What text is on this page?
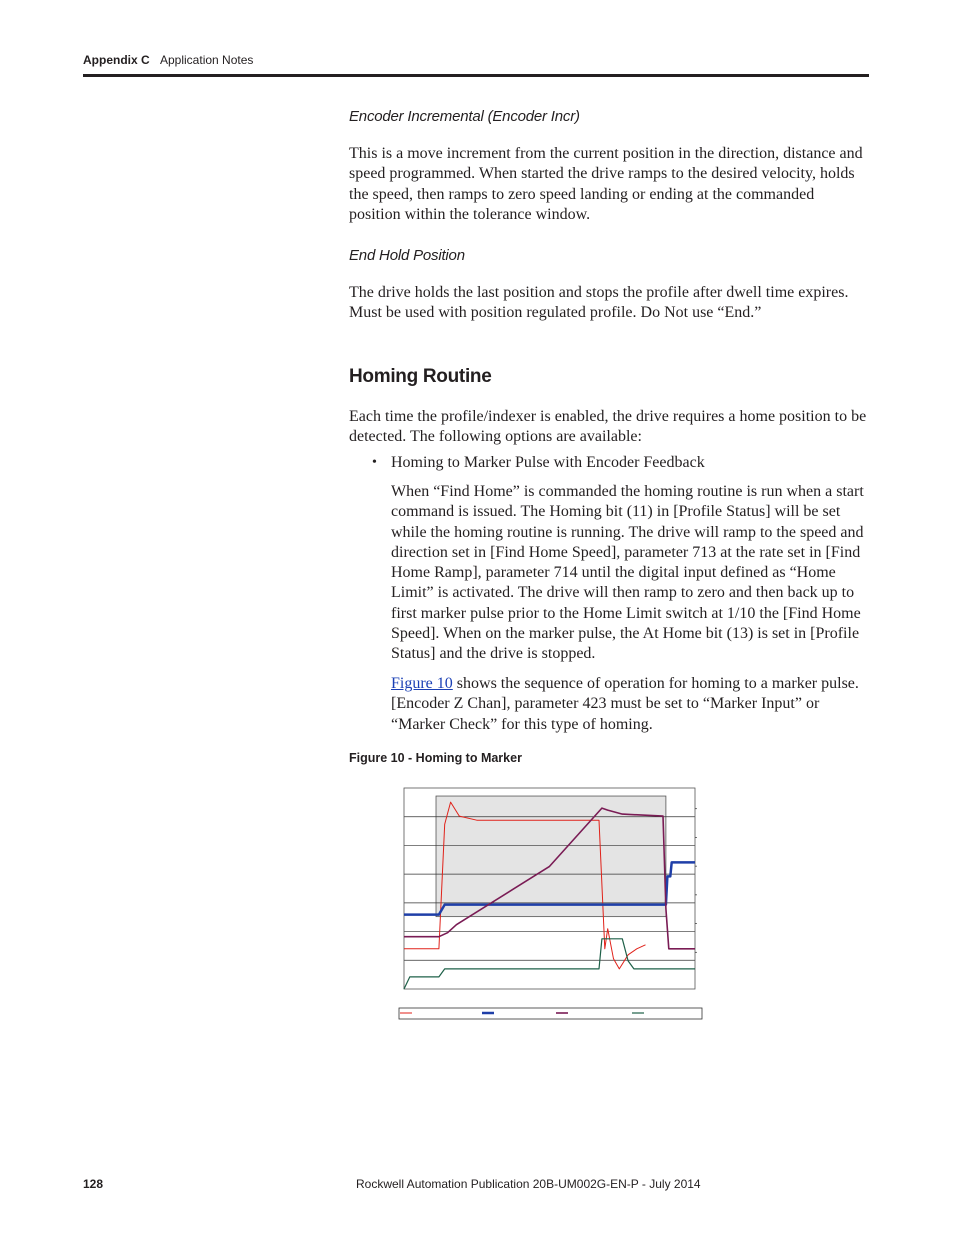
Appendix C Application Notes
Encoder Incremental (Encoder Incr)
This is a move increment from the current position in the direction, distance and
speed programmed. When started the drive ramps to the desired velocity, holds
the speed, then ramps to zero speed landing or ending at the commanded
position within the tolerance window.
End Hold Position
The drive holds the last position and stops the profile after dwell time expires.
Must be used with position regulated profile. Do Not use “End.”
Homing Routine
Each time the profile/indexer is enabled, the drive requires a home position to be
detected. The following options are available:
• Homing to Marker Pulse with Encoder Feedback
When “Find Home” is commanded the homing routine is run when a start
command is issued. The Homing bit (11) in [Profile Status] will be set
while the homing routine is running. The drive will ramp to the speed and
direction set in [Find Home Speed], parameter 713 at the rate set in [Find
Home Ramp], parameter 714 until the digital input defined as “Home
Limit” is activated. The drive will then ramp to zero and then back up to
first marker pulse prior to the Home Limit switch at 1/10 the [Find Home
Speed]. When on the marker pulse, the At Home bit (13) is set in [Profile
Status] and the drive is stopped.
Figure 10 shows the sequence of operation for homing to a marker pulse.
[Encoder Z Chan], parameter 423 must be set to “Marker Input” or
“Marker Check” for this type of homing.
Figure 10 - Homing to Marker
128	Rockwell Automation Publication 20B-UM002G-EN-P - July 2014
